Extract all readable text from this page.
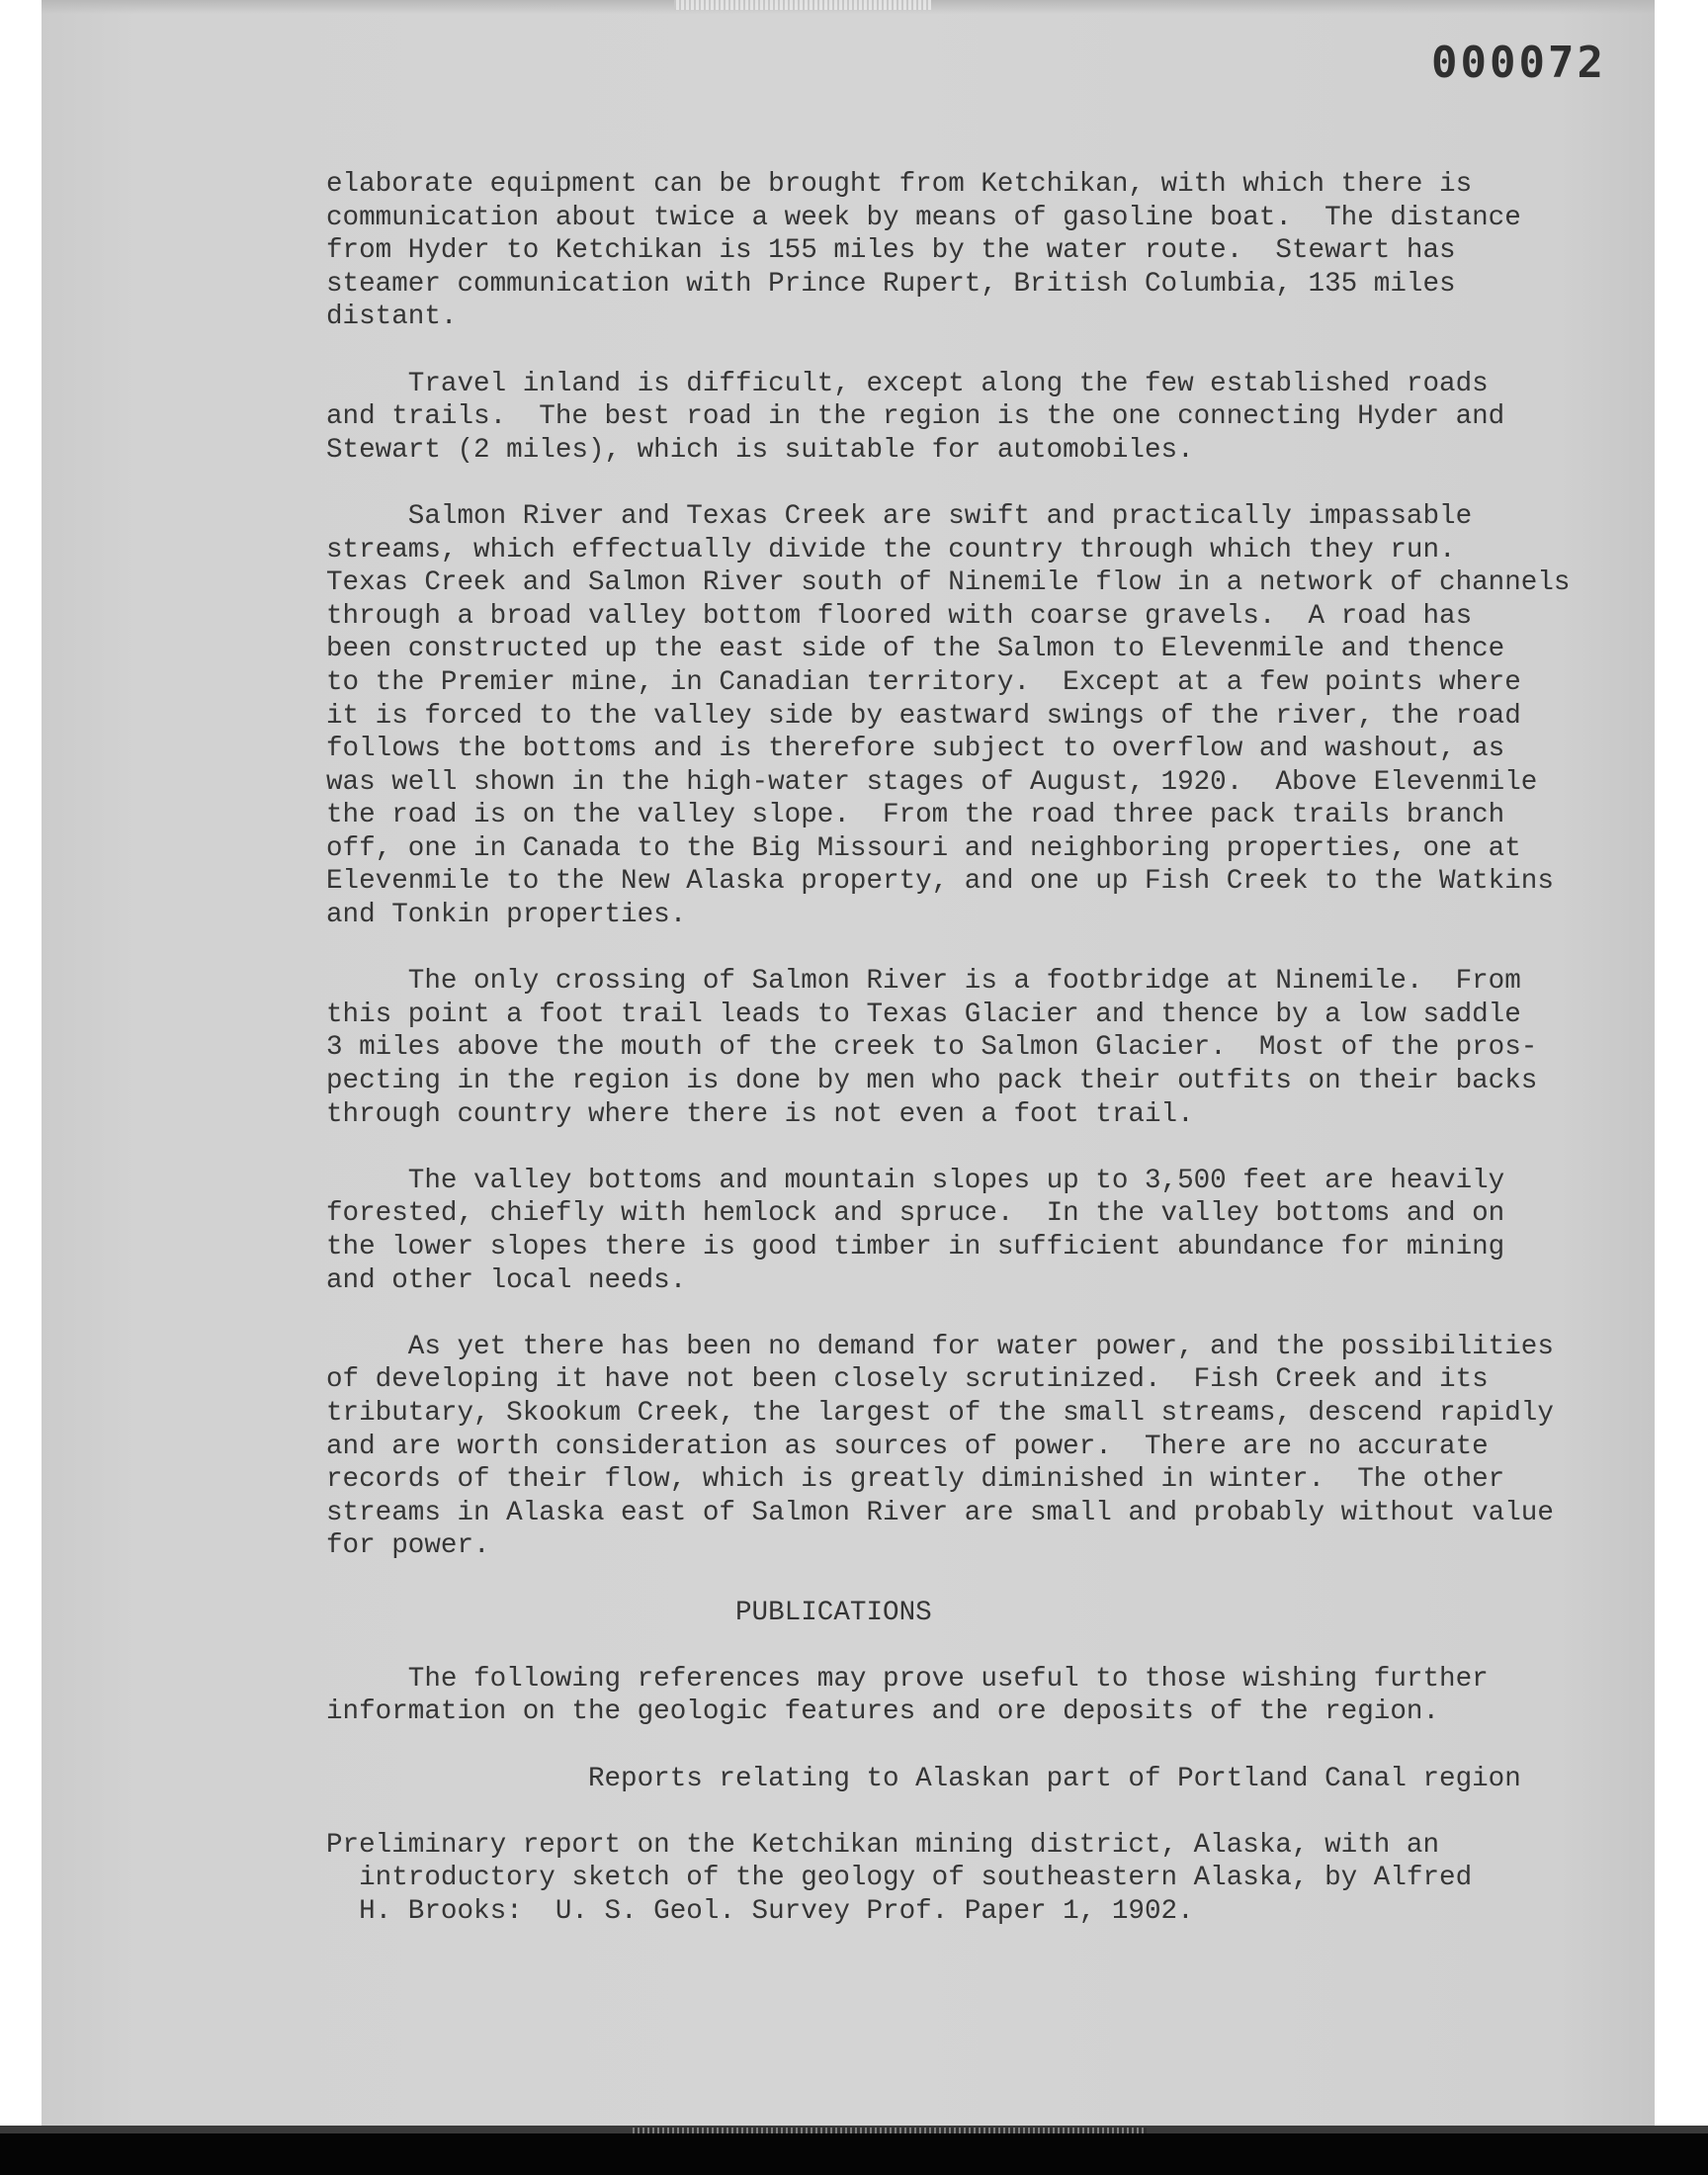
000072

elaborate equipment can be brought from Ketchikan, with which there is

communication about twice a week by means of gasoline boat.  The distance

from Hyder to Ketchikan is 155 miles by the water route.  Stewart has

steamer communication with Prince Rupert, British Columbia, 135 miles

distant.

Travel inland is difficult, except along the few established roads

and trails.  The best road in the region is the one connecting Hyder and

Stewart (2 miles), which is suitable for automobiles.

Salmon River and Texas Creek are swift and practically impassable

streams, which effectually divide the country through which they run.

Texas Creek and Salmon River south of Ninemile flow in a network of channels

through a broad valley bottom floored with coarse gravels.  A road has

been constructed up the east side of the Salmon to Elevenmile and thence

to the Premier mine, in Canadian territory.  Except at a few points where

it is forced to the valley side by eastward swings of the river, the road

follows the bottoms and is therefore subject to overflow and washout, as

was well shown in the high-water stages of August, 1920.  Above Elevenmile

the road is on the valley slope.  From the road three pack trails branch

off, one in Canada to the Big Missouri and neighboring properties, one at

Elevenmile to the New Alaska property, and one up Fish Creek to the Watkins

and Tonkin properties.

The only crossing of Salmon River is a footbridge at Ninemile.  From

this point a foot trail leads to Texas Glacier and thence by a low saddle

3 miles above the mouth of the creek to Salmon Glacier.  Most of the pros-

pecting in the region is done by men who pack their outfits on their backs

through country where there is not even a foot trail.

The valley bottoms and mountain slopes up to 3,500 feet are heavily

forested, chiefly with hemlock and spruce.  In the valley bottoms and on

the lower slopes there is good timber in sufficient abundance for mining

and other local needs.

As yet there has been no demand for water power, and the possibilities

of developing it have not been closely scrutinized.  Fish Creek and its

tributary, Skookum Creek, the largest of the small streams, descend rapidly

and are worth consideration as sources of power.  There are no accurate

records of their flow, which is greatly diminished in winter.  The other

streams in Alaska east of Salmon River are small and probably without value

for power.

PUBLICATIONS

The following references may prove useful to those wishing further

information on the geologic features and ore deposits of the region.

Reports relating to Alaskan part of Portland Canal region

Preliminary report on the Ketchikan mining district, Alaska, with an

introductory sketch of the geology of southeastern Alaska, by Alfred

H. Brooks:  U. S. Geol. Survey Prof. Paper 1, 1902.
